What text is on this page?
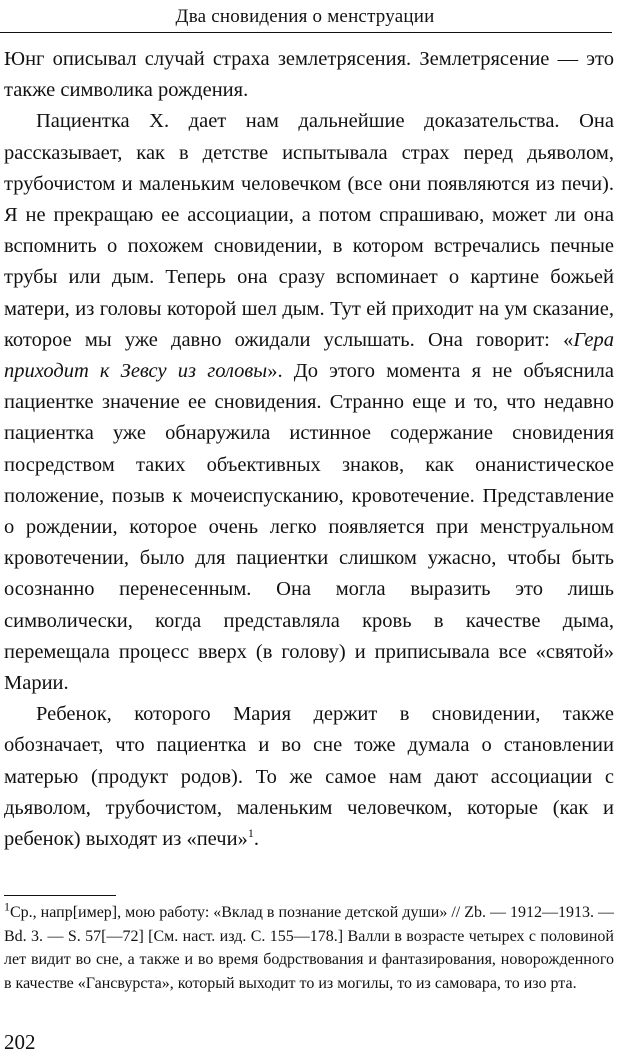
Два сновидения о менструации

Юнг описывал случай страха землетрясения. Землетрясение — это также символика рождения.

Пациентка X. дает нам дальнейшие доказательства. Она рассказывает, как в детстве испытывала страх перед дьяволом, трубочистом и маленьким человечком (все они появляются из печи). Я не прекращаю ее ассоциации, а потом спрашиваю, может ли она вспомнить о похожем сновидении, в котором встречались печные трубы или дым. Теперь она сразу вспоминает о картине божьей матери, из головы которой шел дым. Тут ей приходит на ум сказание, которое мы уже давно ожидали услышать. Она говорит: «Гера приходит к Зевсу из головы». До этого момента я не объяснила пациентке значение ее сновидения. Странно еще и то, что недавно пациентка уже обнаружила истинное содержание сновидения посредством таких объективных знаков, как онанистическое положение, позыв к мочеиспусканию, кровотечение. Представление о рождении, которое очень легко появляется при менструальном кровотечении, было для пациентки слишком ужасно, чтобы быть осознанно перенесенным. Она могла выразить это лишь символически, когда представляла кровь в качестве дыма, перемещала процесс вверх (в голову) и приписывала все «святой» Марии.

Ребенок, которого Мария держит в сновидении, также обозначает, что пациентка и во сне тоже думала о становлении матерью (продукт родов). То же самое нам дают ассоциации с дьяволом, трубочистом, маленьким человечком, которые (как и ребенок) выходят из «печи»$^1$.

$^1$Ср., напр[имер], мою работу: «Вклад в познание детской души» // Zb. — 1912—1913. — Bd. 3. — S. 57[—72] [См. наст. изд. С. 155—178.] Валли в возрасте четырех с половиной лет видит во сне, а также и во время бодрствования и фантазирования, новорожденного в качестве «Гансвурста», который выходит то из могилы, то из самовара, то изо рта.
202
